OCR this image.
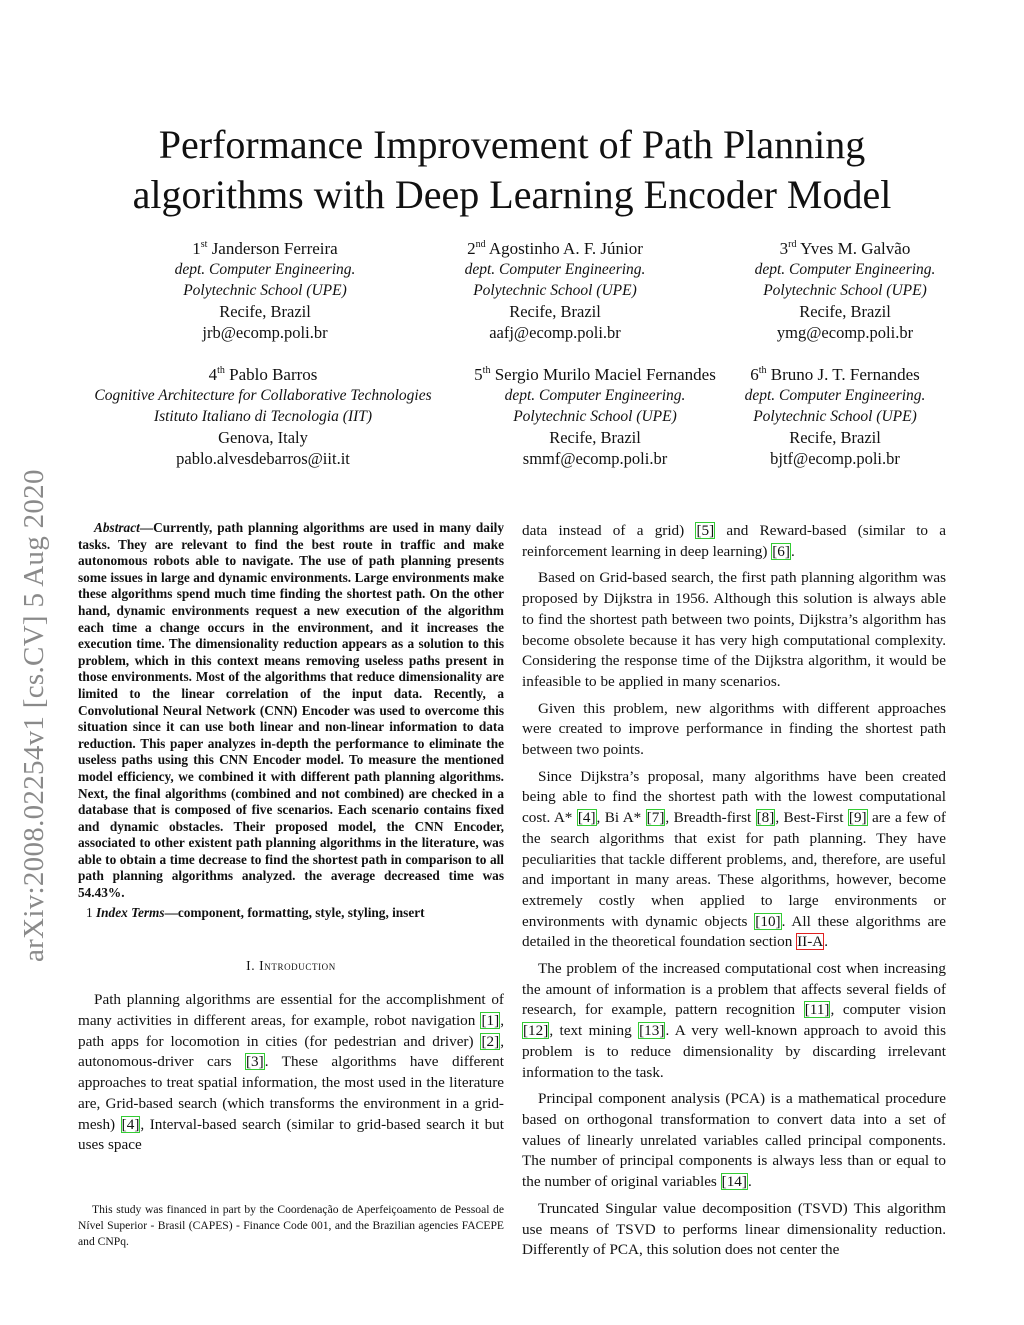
arXiv:2008.02254v1 [cs.CV] 5 Aug 2020
Performance Improvement of Path Planning
algorithms with Deep Learning Encoder Model
1st Janderson Ferreira
dept. Computer Engineering.
Polytechnic School (UPE)
Recife, Brazil
jrb@ecomp.poli.br
2nd Agostinho A. F. Júnior
dept. Computer Engineering.
Polytechnic School (UPE)
Recife, Brazil
aafj@ecomp.poli.br
3rd Yves M. Galvão
dept. Computer Engineering.
Polytechnic School (UPE)
Recife, Brazil
ymg@ecomp.poli.br
4th Pablo Barros
Cognitive Architecture for Collaborative Technologies
Istituto Italiano di Tecnologia (IIT)
Genova, Italy
pablo.alvesdebarros@iit.it
5th Sergio Murilo Maciel Fernandes
dept. Computer Engineering.
Polytechnic School (UPE)
Recife, Brazil
smmf@ecomp.poli.br
6th Bruno J. T. Fernandes
dept. Computer Engineering.
Polytechnic School (UPE)
Recife, Brazil
bjtf@ecomp.poli.br
Abstract—Currently, path planning algorithms are used in many daily tasks. They are relevant to find the best route in traffic and make autonomous robots able to navigate. The use of path planning presents some issues in large and dynamic environments. Large environments make these algorithms spend much time finding the shortest path. On the other hand, dynamic environments request a new execution of the algorithm each time a change occurs in the environment, and it increases the execution time. The dimensionality reduction appears as a solution to this problem, which in this context means removing useless paths present in those environments. Most of the algorithms that reduce dimensionality are limited to the linear correlation of the input data. Recently, a Convolutional Neural Network (CNN) Encoder was used to overcome this situation since it can use both linear and non-linear information to data reduction. This paper analyzes in-depth the performance to eliminate the useless paths using this CNN Encoder model. To measure the mentioned model efficiency, we combined it with different path planning algorithms. Next, the final algorithms (combined and not combined) are checked in a database that is composed of five scenarios. Each scenario contains fixed and dynamic obstacles. Their proposed model, the CNN Encoder, associated to other existent path planning algorithms in the literature, was able to obtain a time decrease to find the shortest path in comparison to all path planning algorithms analyzed. the average decreased time was 54.43%.
1 Index Terms—component, formatting, style, styling, insert
I. Introduction

Path planning algorithms are essential for the accomplishment of many activities in different areas, for example, robot navigation [1], path apps for locomotion in cities (for pedestrian and driver) [2], autonomous-driver cars [3]. These algorithms have different approaches to treat spatial information, the most used in the literature are, Grid-based search (which transforms the environment in a grid-mesh) [4], Interval-based search (similar to grid-based search it but uses space

This study was financed in part by the Coordenação de Aperfeiçoamento de Pessoal de Nível Superior - Brasil (CAPES) - Finance Code 001, and the Brazilian agencies FACEPE and CNPq.

data instead of a grid) [5] and Reward-based (similar to a reinforcement learning in deep learning) [6].

Based on Grid-based search, the first path planning algorithm was proposed by Dijkstra in 1956. Although this solution is always able to find the shortest path between two points, Dijkstra’s algorithm has become obsolete because it has very high computational complexity. Considering the response time of the Dijkstra algorithm, it would be infeasible to be applied in many scenarios.

Given this problem, new algorithms with different approaches were created to improve performance in finding the shortest path between two points.

Since Dijkstra’s proposal, many algorithms have been created being able to find the shortest path with the lowest computational cost. A* [4], Bi A* [7], Breadth-first [8], Best-First [9] are a few of the search algorithms that exist for path planning. They have peculiarities that tackle different problems, and, therefore, are useful and important in many areas. These algorithms, however, become extremely costly when applied to large environments or environments with dynamic objects [10]. All these algorithms are detailed in the theoretical foundation section II-A.

The problem of the increased computational cost when increasing the amount of information is a problem that affects several fields of research, for example, pattern recognition [11], computer vision [12], text mining [13]. A very well-known approach to avoid this problem is to reduce dimensionality by discarding irrelevant information to the task.

Principal component analysis (PCA) is a mathematical procedure based on orthogonal transformation to convert data into a set of values of linearly unrelated variables called principal components. The number of principal components is always less than or equal to the number of original variables [14].

Truncated Singular value decomposition (TSVD) This algorithm use means of TSVD to performs linear dimensionality reduction. Differently of PCA, this solution does not center the
